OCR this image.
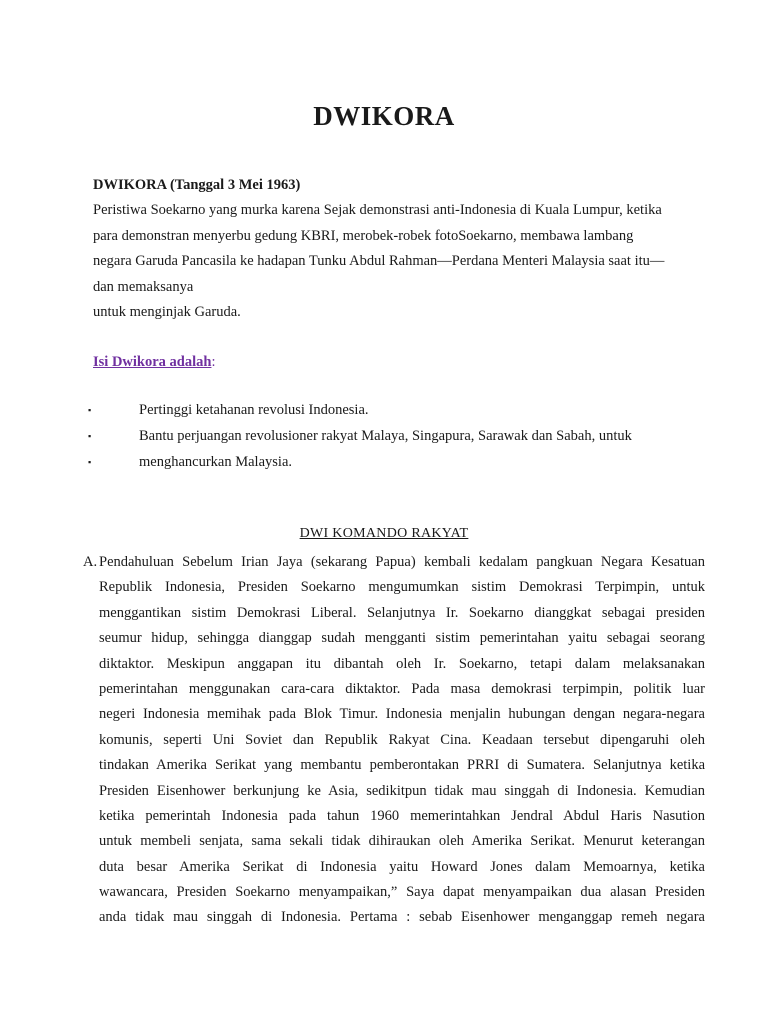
DWIKORA
DWIKORA (Tanggal 3 Mei 1963)
Peristiwa Soekarno yang murka karena Sejak demonstrasi anti-Indonesia di Kuala Lumpur, ketika
para demonstran menyerbu gedung KBRI, merobek-robek fotoSoekarno, membawa lambang
negara Garuda Pancasila ke hadapan Tunku Abdul Rahman—Perdana Menteri Malaysia saat itu—
dan memaksanya
untuk menginjak Garuda.
Isi Dwikora adalah:
▪	Pertinggi ketahanan revolusi Indonesia.
▪	Bantu perjuangan revolusioner rakyat Malaya, Singapura, Sarawak dan Sabah, untuk
▪	menghancurkan Malaysia.
DWI KOMANDO RAKYAT
A. Pendahuluan Sebelum Irian Jaya (sekarang Papua) kembali kedalam pangkuan Negara Kesatuan
Republik Indonesia, Presiden Soekarno mengumumkan sistim Demokrasi Terpimpin, untuk
menggantikan sistim Demokrasi Liberal. Selanjutnya Ir. Soekarno dianggkat sebagai presiden
seumur hidup, sehingga dianggap sudah mengganti sistim pemerintahan yaitu sebagai seorang
diktaktor. Meskipun anggapan itu dibantah oleh Ir. Soekarno, tetapi dalam melaksanakan
pemerintahan menggunakan cara-cara diktaktor. Pada masa demokrasi terpimpin, politik luar
negeri Indonesia memihak pada Blok Timur. Indonesia menjalin hubungan dengan negara-negara
komunis, seperti Uni Soviet dan Republik Rakyat Cina. Keadaan tersebut dipengaruhi oleh
tindakan Amerika Serikat yang membantu pemberontakan PRRI di Sumatera. Selanjutnya ketika
Presiden Eisenhower berkunjung ke Asia, sedikitpun tidak mau singgah di Indonesia. Kemudian
ketika pemerintah Indonesia pada tahun 1960 memerintahkan Jendral Abdul Haris Nasution
untuk membeli senjata, sama sekali tidak dihiraukan oleh Amerika Serikat. Menurut keterangan
duta besar Amerika Serikat di Indonesia yaitu Howard Jones dalam Memoarnya, ketika
wawancara, Presiden Soekarno menyampaikan,” Saya dapat menyampaikan dua alasan Presiden
anda tidak mau singgah di Indonesia. Pertama : sebab Eisenhower menganggap remeh negara
